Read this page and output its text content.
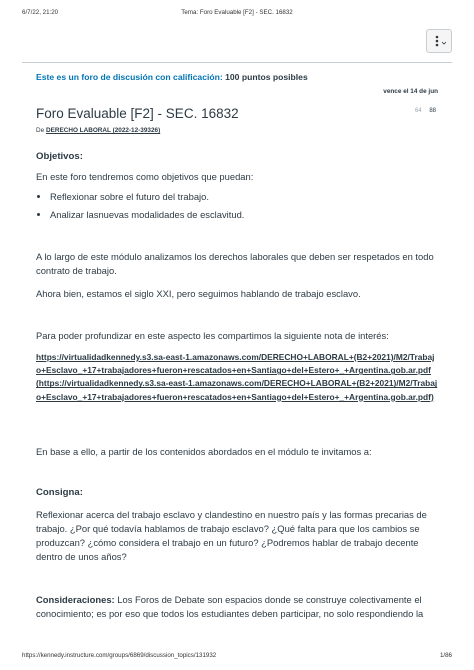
6/7/22, 21:20	Tema: Foro Evaluable [F2] - SEC. 16832
Este es un foro de discusión con calificación: 100 puntos posibles
vence el 14 de jun
Foro Evaluable [F2] - SEC. 16832	64 88
De DERECHO LABORAL (2022-12-39326)
Objetivos:

En este foro tendremos como objetivos que puedan:

• Reflexionar sobre el futuro del trabajo.
• Analizar lasnuevas modalidades de esclavitud.

A lo largo de este módulo analizamos los derechos laborales que deben ser respetados en todo contrato de trabajo.

Ahora bien, estamos el siglo XXI, pero seguimos hablando de trabajo esclavo.

Para poder profundizar en este aspecto les compartimos la siguiente nota de interés:

https://virtualidadkennedy.s3.sa-east-1.amazonaws.com/DERECHO+LABORAL+(B2+2021)/M2/Trabajo+Esclavo_+17+trabajadores+fueron+rescatados+en+Santiago+del+Estero+_+Argentina.gob.ar.pdf (https://virtualidadkennedy.s3.sa-east-1.amazonaws.com/DERECHO+LABORAL+(B2+2021)/M2/Trabajo+Esclavo_+17+trabajadores+fueron+rescatados+en+Santiago+del+Estero+_+Argentina.gob.ar.pdf)

En base a ello, a partir de los contenidos abordados en el módulo te invitamos a:

Consigna:

Reflexionar acerca del trabajo esclavo y clandestino en nuestro país y las formas precarias de trabajo. ¿Por qué todavía hablamos de trabajo esclavo? ¿Qué falta para que los cambios se produzcan? ¿cómo considera el trabajo en un futuro? ¿Podremos hablar de trabajo decente dentro de unos años?

Consideraciones: Los Foros de Debate son espacios donde se construye colectivamente el conocimiento; es por eso que todos los estudiantes deben participar, no solo respondiendo la

https://kennedy.instructure.com/groups/6869/discussion_topics/131932	1/86
